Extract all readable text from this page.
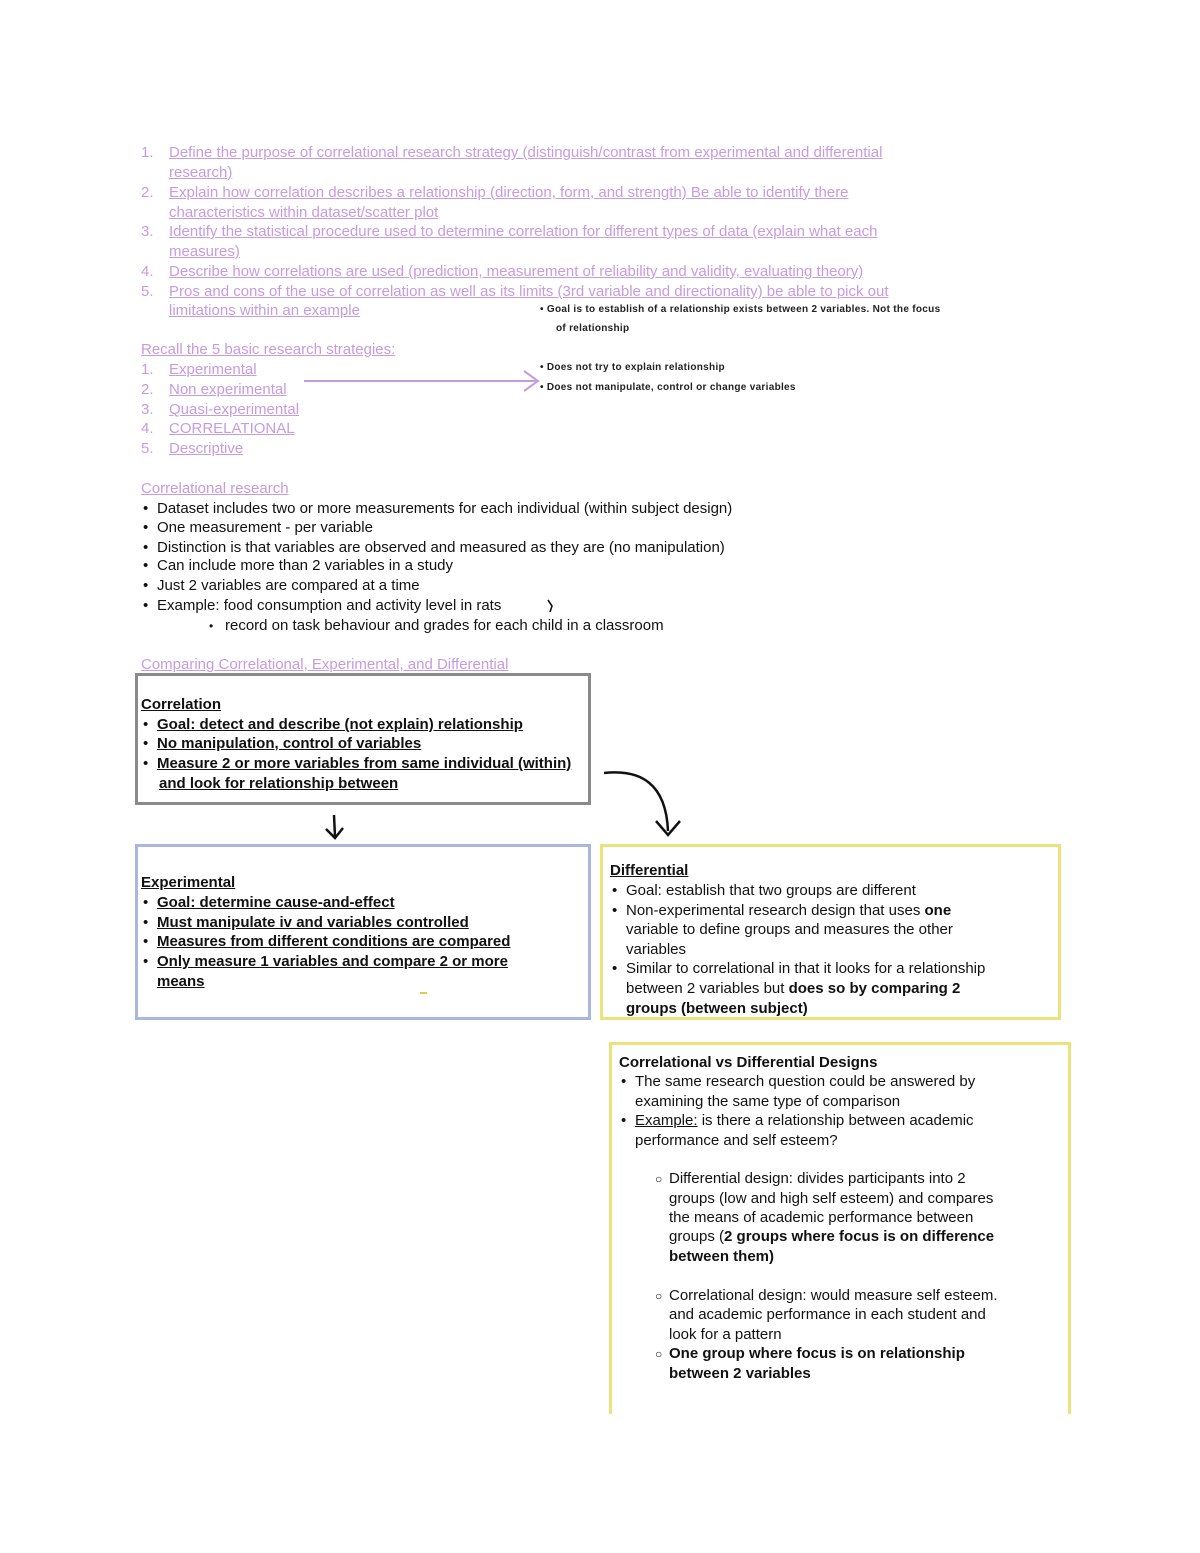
1. Define the purpose of correlational research strategy (distinguish/contrast from experimental and differential
research)
2. Explain how correlation describes a relationship (direction, form, and strength) Be able to identify there
characteristics within dataset/scatter plot
3. Identify the statistical procedure used to determine correlation for different types of data (explain what each
measures)
4. Describe how correlations are used (prediction, measurement of reliability and validity, evaluating theory)
5. Pros and cons of the use of correlation as well as its limits (3rd variable and directionality) be able to pick out
limitations within an example	• Goal is to establish of a relationship exists between 2 variables. Not the focus
of relationship
• Does not try to explain relationship
• Does not manipulate, control or change variables
Recall the 5 basic research strategies:
1. Experimental
2. Non experimental
3. Quasi-experimental
4. CORRELATIONAL
5. Descriptive
Correlational research
• Dataset includes two or more measurements for each individual (within subject design)
• One measurement - per variable
• Distinction is that variables are observed and measured as they are (no manipulation)
• Can include more than 2 variables in a study
• Just 2 variables are compared at a time
• Example: food consumption and activity level in rats
• record on task behaviour and grades for each child in a classroom
Comparing Correlational, Experimental, and Differential
Correlation
• Goal: detect and describe (not explain) relationship
• No manipulation, control of variables
• Measure 2 or more variables from same individual (within)
and look for relationship between
Experimental
• Goal: determine cause-and-effect
• Must manipulate iv and variables controlled
• Measures from different conditions are compared
• Only measure 1 variables and compare 2 or more
means
Differential
• Goal: establish that two groups are different
• Non-experimental research design that uses one
variable to define groups and measures the other
variables
• Similar to correlational in that it looks for a relationship
between 2 variables but does so by comparing 2
groups (between subject)
Correlational vs Differential Designs
• The same research question could be answered by
examining the same type of comparison
• Example: is there a relationship between academic
performance and self esteem?
○ Differential design: divides participants into 2
groups (low and high self esteem) and compares
the means of academic performance between
groups (2 groups where focus is on difference
between them)
○ Correlational design: would measure self esteem.
and academic performance in each student and
look for a pattern
○ One group where focus is on relationship
between 2 variables
